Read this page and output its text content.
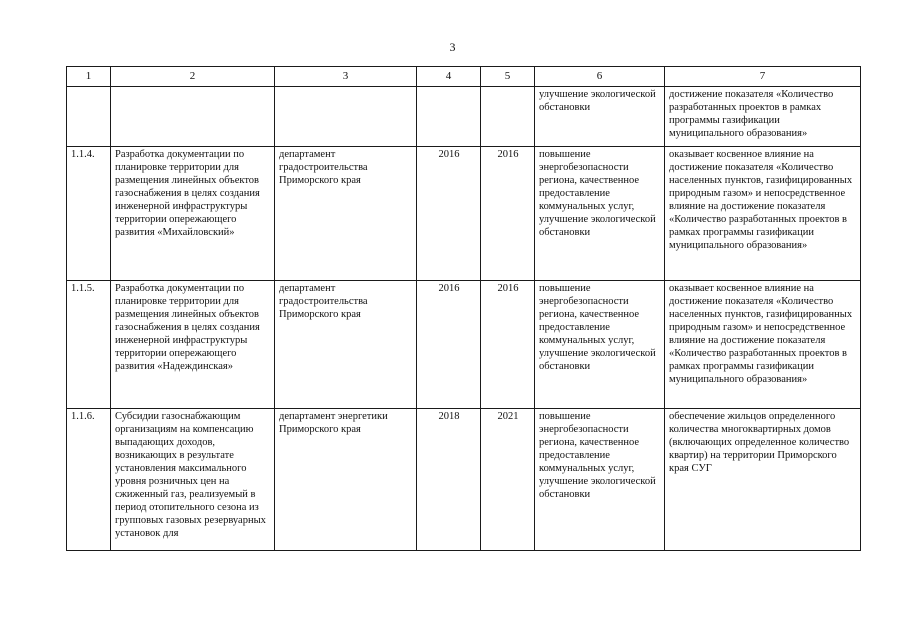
3
1	2	3	4	5	6	7
					улучшение экологической обстановки	достижение показателя «Количество разработанных проектов в рамках программы газификации муниципального образования»
1.1.4.	Разработка документации по планировке территории для размещения линейных объектов газоснабжения в целях создания инженерной инфраструктуры территории опережающего развития «Михайловский»	департамент градостроительства Приморского края	2016	2016	повышение энергобезопасности региона, качественное предоставление коммунальных услуг, улучшение экологической обстановки	оказывает косвенное влияние на достижение показателя «Количество населенных пунктов, газифицированных природным газом» и непосредственное влияние на достижение показателя «Количество разработанных проектов в рамках программы газификации муниципального образования»
1.1.5.	Разработка документации по планировке территории для размещения линейных объектов газоснабжения в целях создания инженерной инфраструктуры территории опережающего развития «Надеждинская»	департамент градостроительства Приморского края	2016	2016	повышение энергобезопасности региона, качественное предоставление коммунальных услуг, улучшение экологической обстановки	оказывает косвенное влияние на достижение показателя «Количество населенных пунктов, газифицированных природным газом» и непосредственное влияние на достижение показателя «Количество разработанных проектов в рамках программы газификации муниципального образования»
1.1.6.	Субсидии газоснабжающим организациям на компенсацию выпадающих доходов, возникающих в результате установления максимального уровня розничных цен на сжиженный газ, реализуемый в период отопительного сезона из групповых газовых резервуарных установок для	департамент энергетики Приморского края	2018	2021	повышение энергобезопасности региона, качественное предоставление коммунальных услуг, улучшение экологической обстановки	обеспечение жильцов определенного количества многоквартирных домов (включающих определенное количество квартир) на территории Приморского края СУГ
